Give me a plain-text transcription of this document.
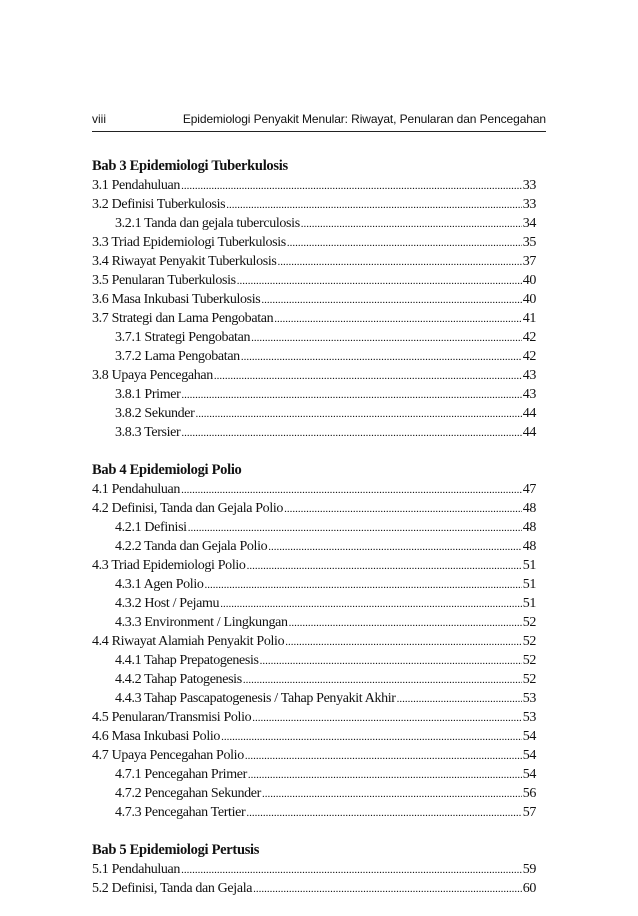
viii	Epidemiologi Penyakit Menular: Riwayat, Penularan dan Pencegahan
Bab 3 Epidemiologi Tuberkulosis
3.1 Pendahuluan .....	33
3.2 Definisi Tuberkulosis .....	33
3.2.1 Tanda dan gejala tuberculosis .....	34
3.3 Triad Epidemiologi Tuberkulosis .....	35
3.4 Riwayat Penyakit Tuberkulosis .....	37
3.5 Penularan Tuberkulosis .....	40
3.6 Masa Inkubasi Tuberkulosis .....	40
3.7 Strategi dan Lama Pengobatan .....	41
3.7.1 Strategi Pengobatan .....	42
3.7.2 Lama Pengobatan .....	42
3.8 Upaya Pencegahan .....	43
3.8.1 Primer .....	43
3.8.2 Sekunder .....	44
3.8.3 Tersier .....	44
Bab 4 Epidemiologi Polio
4.1 Pendahuluan .....	47
4.2 Definisi, Tanda dan Gejala Polio .....	48
4.2.1 Definisi .....	48
4.2.2 Tanda dan Gejala Polio .....	48
4.3 Triad Epidemiologi Polio .....	51
4.3.1 Agen Polio .....	51
4.3.2 Host / Pejamu .....	51
4.3.3 Environment / Lingkungan .....	52
4.4 Riwayat Alamiah Penyakit Polio .....	52
4.4.1 Tahap Prepatogenesis .....	52
4.4.2 Tahap Patogenesis .....	52
4.4.3 Tahap Pascapatogenesis / Tahap Penyakit Akhir .....	53
4.5 Penularan/Transmisi Polio .....	53
4.6 Masa Inkubasi Polio .....	54
4.7 Upaya Pencegahan Polio .....	54
4.7.1 Pencegahan Primer .....	54
4.7.2 Pencegahan Sekunder .....	56
4.7.3 Pencegahan Tertier .....	57
Bab 5 Epidemiologi Pertusis
5.1 Pendahuluan .....	59
5.2 Definisi, Tanda dan Gejala .....	60
